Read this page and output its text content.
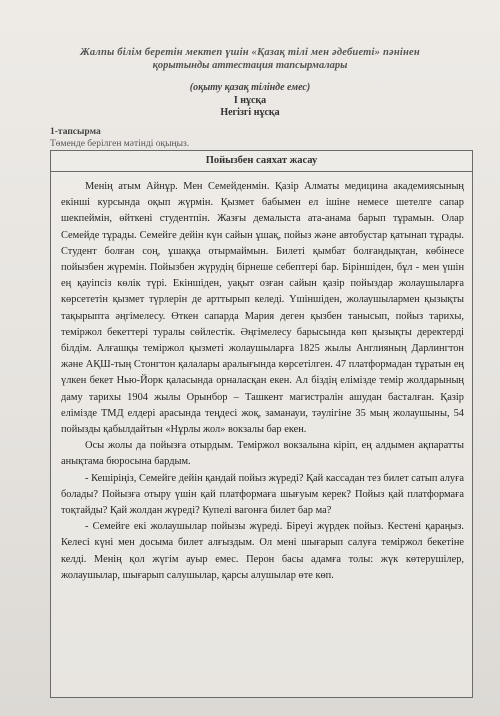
Жалпы білім беретін мектеп үшін «Қазақ тілі мен әдебиеті» пәнінен
қорытынды аттестация тапсырмалары
(оқыту қазақ тілінде емес)
I нұсқа
Негізгі нұсқа
1-тапсырма
Төменде берілген мәтінді оқыңыз.
Пойызбен саяхат жасау

Менің атым Айнұр. Мен Семейденмін. Қазір Алматы медицина академиясының екінші курсында оқып жүрмін. Қызмет бабымен ел ішіне немесе шетелге сапар шекпеймін, өйткені студентпін. Жазғы демалыста ата-анама барып тұрамын. Олар Семейде тұрады. Семейге дейін күн сайын ұшақ, пойыз және автобустар қатынап тұрады. Студент болған соң, ұшаққа отырмаймын. Билеті қымбат болғандықтан, көбінесе пойызбен жүремін. Пойызбен жүрудің бірнеше себептері бар. Біріншіден, бұл - мен үшін ең қауіпсіз көлік түрі. Екіншіден, уақыт озған сайын қазір пойыздар жолаушыларға көрсететін қызмет түрлерін де арттырып келеді. Үшіншіден, жолаушылармен қызықты тақырыпта әңгімелесу. Өткен сапарда Мария деген қызбен танысып, пойыз тарихы, теміржол бекеттері туралы сөйлестік. Әңгімелесу барысында көп қызықты деректерді білдім. Алғашқы теміржол қызметі жолаушыларға 1825 жылы Англияның Дарлингтон және АҚШ-тың Стонгтон қалалары аралығында көрсетілген. 47 платформадан тұратын ең үлкен бекет Нью-Йорк қаласында орналасқан екен. Ал біздің елімізде темір жолдарының даму тарихы 1904 жылы Орынбор – Ташкент магистралін ашудан басталған. Қазір елімізде ТМД елдері арасында теңдесі жоқ, заманауи, тәулігіне 35 мың жолаушыны, 54 пойызды қабылдайтын «Нұрлы жол» вокзалы бар екен.

Осы жолы да пойызға отырдым. Теміржол вокзалына кіріп, ең алдымен ақпаратты анықтама бюросына бардым.

- Кешіріңіз, Семейге дейін қандай пойыз жүреді? Қай кассадан тез билет сатып алуға болады? Пойызға отыру үшін қай платформаға шығуым керек? Пойыз қай платформаға тоқтайды? Қай жолдан жүреді? Купелі вагонға билет бар ма?

- Семейге екі жолаушылар пойызы жүреді. Біреуі жүрдек пойыз. Кестені қараңыз. Келесі күні мен досыма билет алғыздым. Ол мені шығарып салуға теміржол бекетіне келді. Менің қол жүгім ауыр емес. Перон басы адамға толы: жүк көтерушілер, жолаушылар, шығарып салушылар, қарсы алушылар өте көп.
